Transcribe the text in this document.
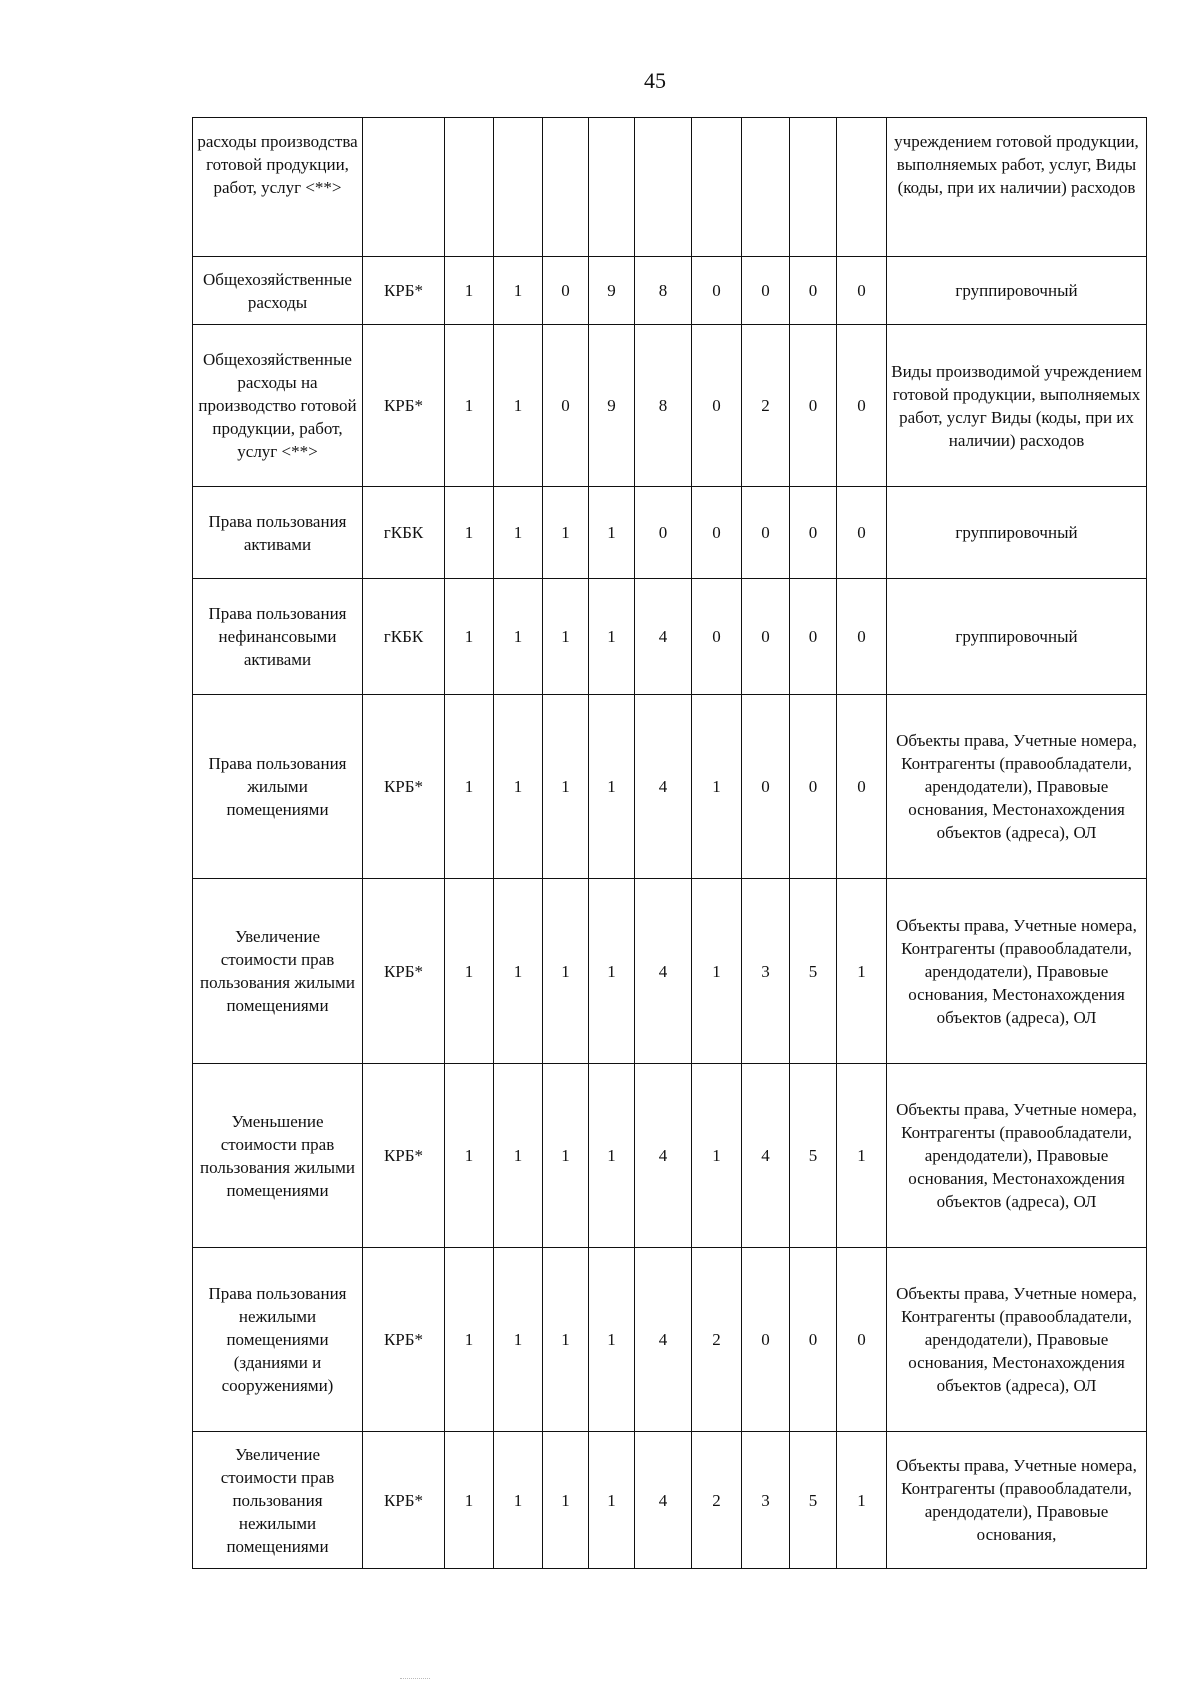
45
расходы производства готовой продукции, работ, услуг <**>											учреждением готовой продукции, выполняемых работ, услуг, Виды (коды, при их наличии) расходов
Общехозяйственные расходы	КРБ*	1	1	0	9	8	0	0	0	0	группировочный
Общехозяйственные расходы на производство готовой продукции, работ, услуг <**>	КРБ*	1	1	0	9	8	0	2	0	0	Виды производимой учреждением готовой продукции, выполняемых работ, услуг Виды (коды, при их наличии) расходов
Права пользования активами	гКБК	1	1	1	1	0	0	0	0	0	группировочный
Права пользования нефинансовыми активами	гКБК	1	1	1	1	4	0	0	0	0	группировочный
Права пользования жилыми помещениями	КРБ*	1	1	1	1	4	1	0	0	0	Объекты права, Учетные номера, Контрагенты (правообладатели, арендодатели), Правовые основания, Местонахождения объектов (адреса), ОЛ
Увеличение стоимости прав пользования жилыми помещениями	КРБ*	1	1	1	1	4	1	3	5	1	Объекты права, Учетные номера, Контрагенты (правообладатели, арендодатели), Правовые основания, Местонахождения объектов (адреса), ОЛ
Уменьшение стоимости прав пользования жилыми помещениями	КРБ*	1	1	1	1	4	1	4	5	1	Объекты права, Учетные номера, Контрагенты (правообладатели, арендодатели), Правовые основания, Местонахождения объектов (адреса), ОЛ
Права пользования нежилыми помещениями (зданиями и сооружениями)	КРБ*	1	1	1	1	4	2	0	0	0	Объекты права, Учетные номера, Контрагенты (правообладатели, арендодатели), Правовые основания, Местонахождения объектов (адреса), ОЛ
Увеличение стоимости прав пользования нежилыми помещениями	КРБ*	1	1	1	1	4	2	3	5	1	Объекты права, Учетные номера, Контрагенты (правообладатели, арендодатели), Правовые основания,
